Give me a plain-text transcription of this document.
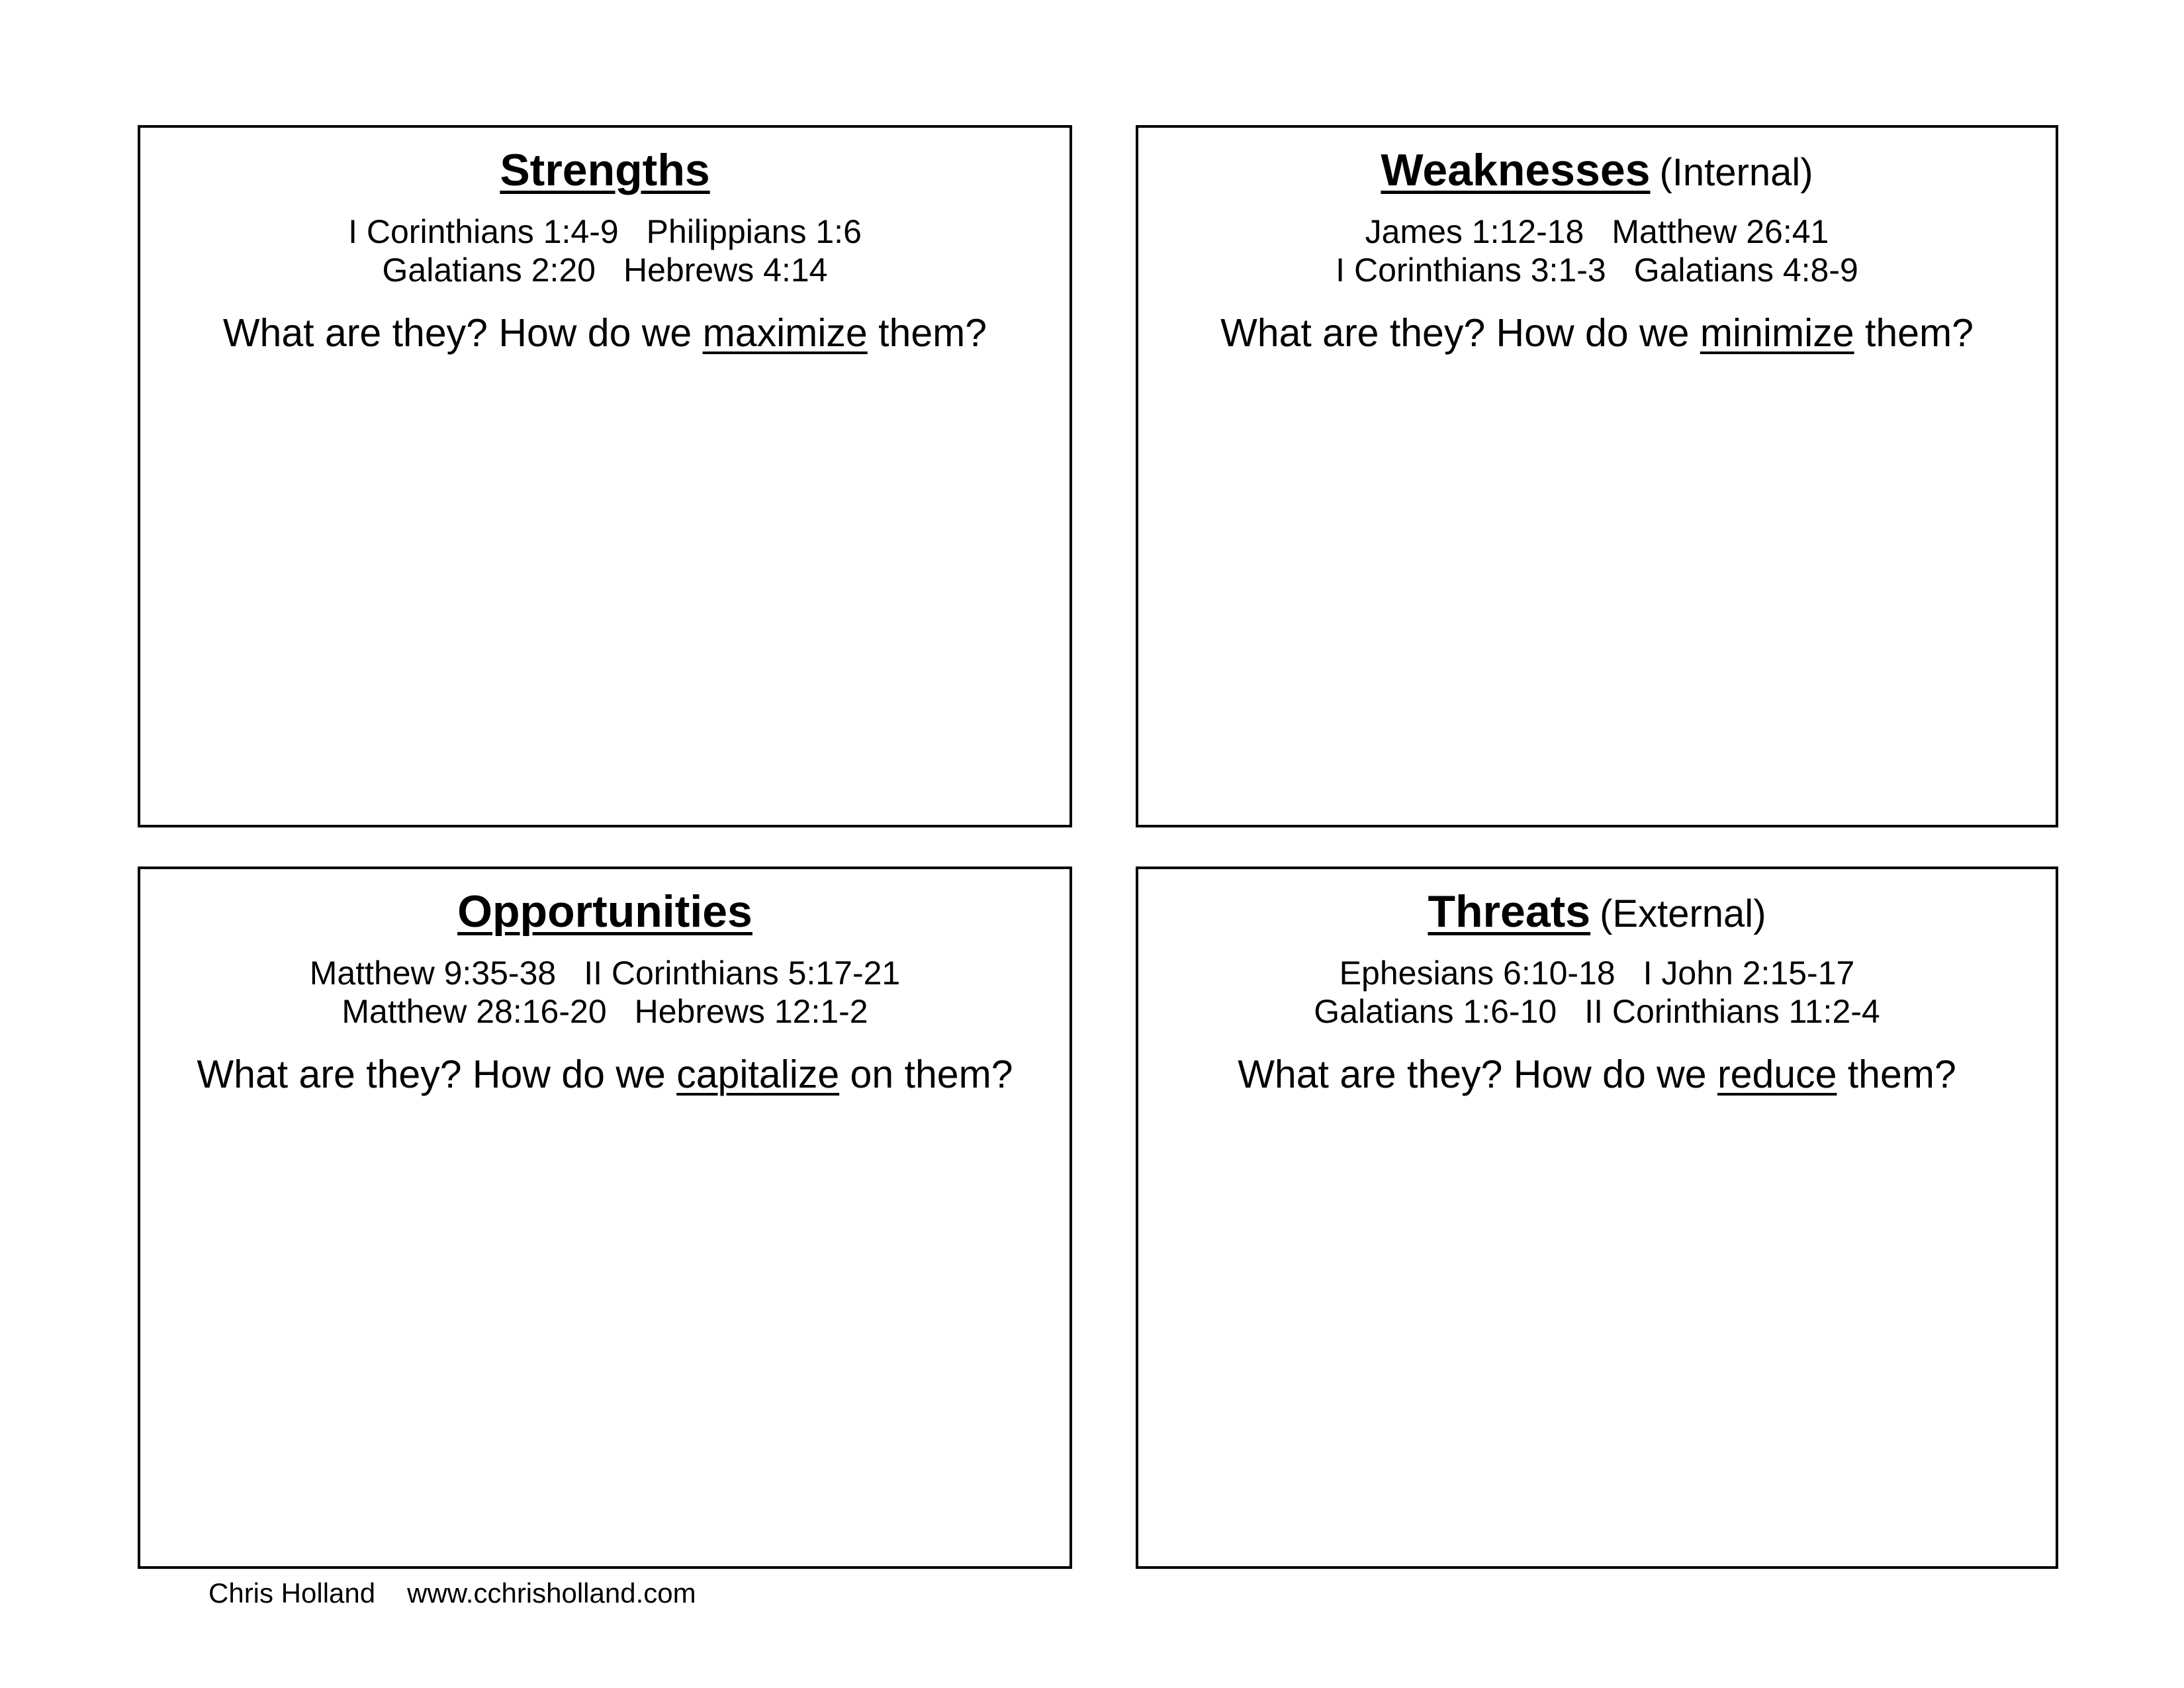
Strengths
I Corinthians 1:4-9 Philippians 1:6
Galatians 2:20 Hebrews 4:14
What are they? How do we maximize them?
Weaknesses (Internal)
James 1:12-18 Matthew 26:41
I Corinthians 3:1-3 Galatians 4:8-9
What are they? How do we minimize them?
Opportunities
Matthew 9:35-38 II Corinthians 5:17-21
Matthew 28:16-20 Hebrews 12:1-2
What are they? How do we capitalize on them?
Threats (External)
Ephesians 6:10-18 I John 2:15-17
Galatians 1:6-10 II Corinthians 11:2-4
What are they? How do we reduce them?
Chris Holland www.cchrisholland.com
